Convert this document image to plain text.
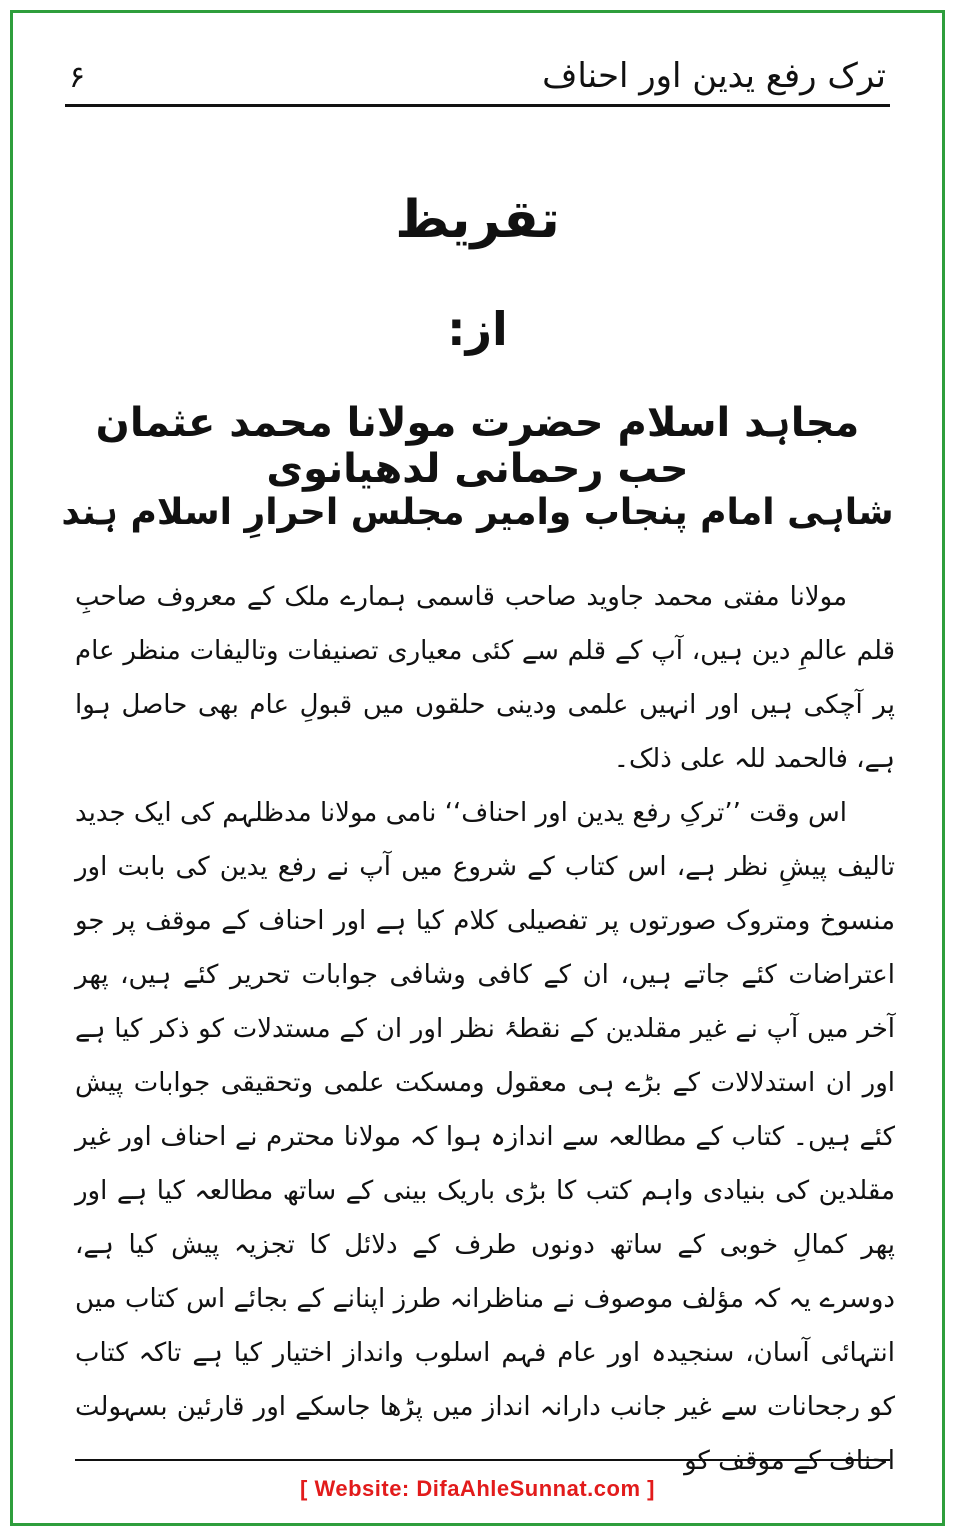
۶	ترک رفع یدین اور احناف
تقریظ
از:
مجاہد اسلام حضرت مولانا محمد عثمان حب رحمانی لدھیانوی
شاہی امام پنجاب وامیر مجلس احرارِ اسلام ہند

مولانا مفتی محمد جاوید صاحب قاسمی ہمارے ملک کے معروف صاحبِ قلم عالمِ دین ہیں، آپ کے قلم سے کئی معیاری تصنیفات وتالیفات منظر عام پر آچکی ہیں اور انہیں علمی ودینی حلقوں میں قبولِ عام بھی حاصل ہوا ہے، فالحمد للہ علی ذلک۔

اس وقت ’’ترکِ رفع یدین اور احناف‘‘ نامی مولانا مدظلہم کی ایک جدید تالیف پیشِ نظر ہے، اس کتاب کے شروع میں آپ نے رفع یدین کی بابت اور منسوخ ومتروک صورتوں پر تفصیلی کلام کیا ہے اور احناف کے موقف پر جو اعتراضات کئے جاتے ہیں، ان کے کافی وشافی جوابات تحریر کئے ہیں، پھر آخر میں آپ نے غیر مقلدین کے نقطۂ نظر اور ان کے مستدلات کو ذکر کیا ہے اور ان استدلالات کے بڑے ہی معقول ومسکت علمی وتحقیقی جوابات پیش کئے ہیں۔ کتاب کے مطالعہ سے اندازہ ہوا کہ مولانا محترم نے احناف اور غیر مقلدین کی بنیادی واہم کتب کا بڑی باریک بینی کے ساتھ مطالعہ کیا ہے اور پھر کمالِ خوبی کے ساتھ دونوں طرف کے دلائل کا تجزیہ پیش کیا ہے، دوسرے یہ کہ مؤلف موصوف نے مناظرانہ طرز اپنانے کے بجائے اس کتاب میں انتہائی آسان، سنجیدہ اور عام فہم اسلوب وانداز اختیار کیا ہے تاکہ کتاب کو رجحانات سے غیر جانب دارانہ انداز میں پڑھا جاسکے اور قارئین بسہولت احناف کے موقف کو

[ Website: DifaAhleSunnat.com ]
